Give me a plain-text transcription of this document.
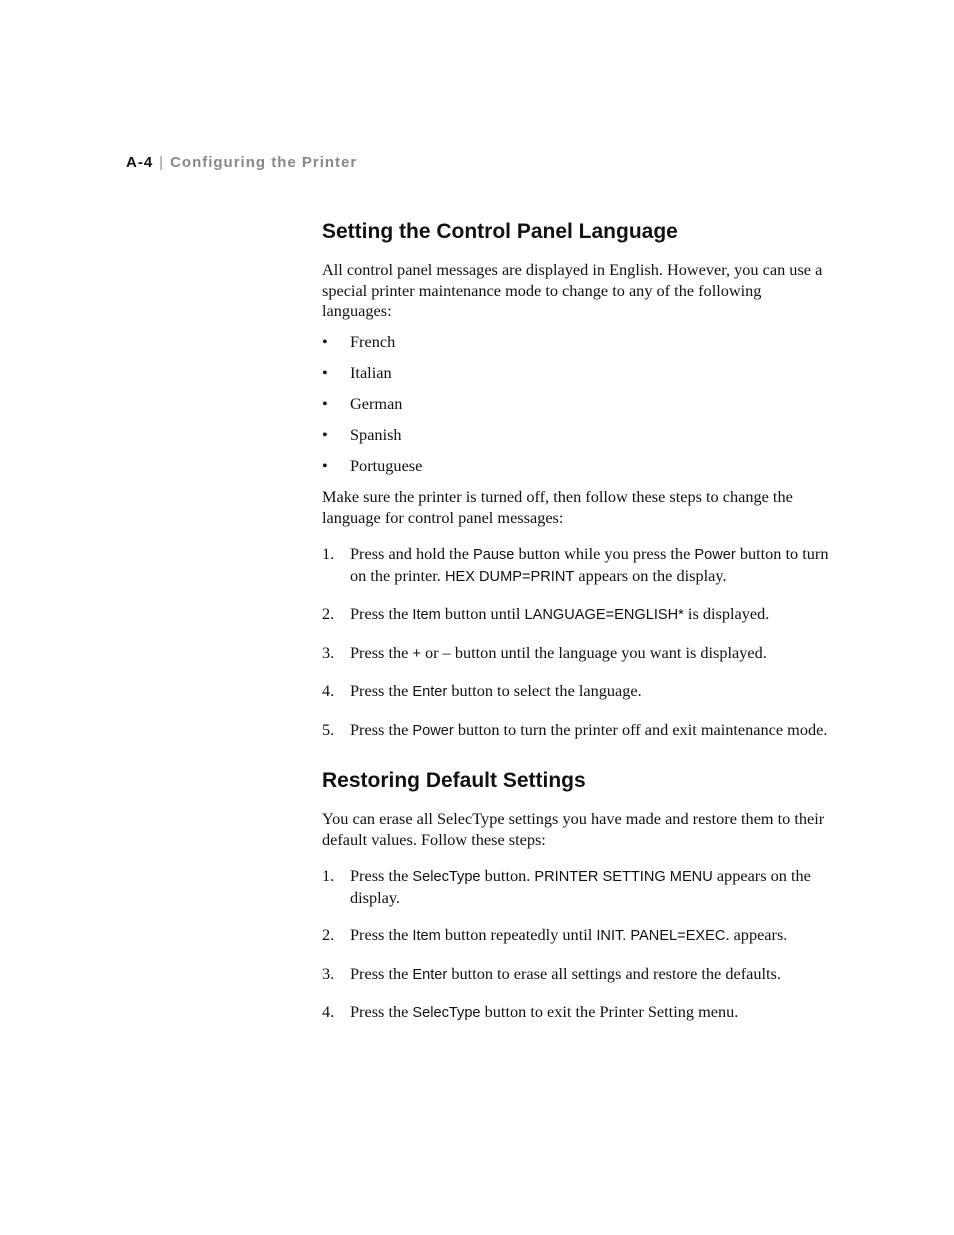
A-4 | Configuring the Printer
Setting the Control Panel Language

All control panel messages are displayed in English. However, you can use a special printer maintenance mode to change to any of the following languages:

• French
• Italian
• German
• Spanish
• Portuguese

Make sure the printer is turned off, then follow these steps to change the language for control panel messages:

1. Press and hold the Pause button while you press the Power button to turn on the printer. HEX DUMP=PRINT appears on the display.
2. Press the Item button until LANGUAGE=ENGLISH* is displayed.
3. Press the + or – button until the language you want is displayed.
4. Press the Enter button to select the language.
5. Press the Power button to turn the printer off and exit maintenance mode.
Restoring Default Settings

You can erase all SelecType settings you have made and restore them to their default values. Follow these steps:

1. Press the SelecType button. PRINTER SETTING MENU appears on the display.
2. Press the Item button repeatedly until INIT. PANEL=EXEC. appears.
3. Press the Enter button to erase all settings and restore the defaults.
4. Press the SelecType button to exit the Printer Setting menu.
